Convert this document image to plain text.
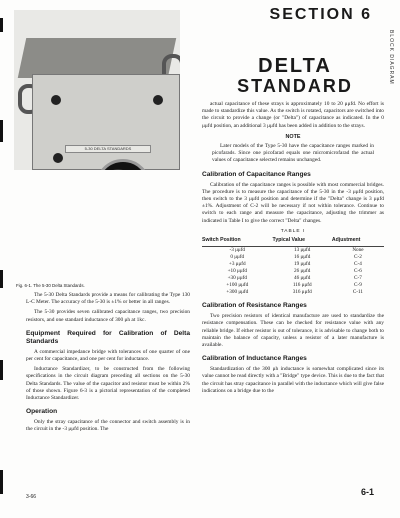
SECTION 6
BLOCK DIAGRAM
5-30 DELTA STANDARDS
DELTA
STANDARD
Fig. 6-1. The 5-30 Delta Standards.

The 5-30 Delta Standards provide a means for calibrating the Type 130 L-C Meter. The accuracy of the 5-30 is ±1% or better in all ranges.

The 5-30 provides seven calibrated capacitance ranges, two precision resistors, and one standard inductance of 300 μh at 1kc.

Equipment Required for Calibration of Delta Standards

A commercial impedance bridge with tolerances of one quarter of one per cent for capacitance, and one per cent for inductance.

Inductance Standardizer, to be constructed from the following specifications in the circuit diagram preceding all sections on the 5-30 Delta Standards. The value of the capacitor and resistor must be within 2% of those shown. Figure 6-3 is a pictorial representation of the completed Inductance Standardizer.

Operation

Only the stray capacitance of the connector and switch assembly is in the circuit in the -3 μμfd position. The

actual capacitance of these strays is approximately 10 to 20 μμfd. No effort is made to standardize this value. As the switch is rotated, capacitors are switched into the circuit to provide a change (or "Delta") of capacitance as indicated. In the 0 μμfd position, an additional 3 μμfd has been added in addition to the strays.

NOTE

Later models of the Type 5-30 have the capacitance ranges marked in picofarads. Since one picofarad equals one micromicrofarad the actual values of capacitance selected remains unchanged.

Calibration of Capacitance Ranges

Calibration of the capacitance ranges is possible with most commercial bridges. The procedure is to measure the capacitance of the 5-30 in the -3 μμfd position, then switch to the 3 μμfd position and determine if the "Delta" change is 3 μμfd ±1%. Adjustment of C-2 will be necessary if not within tolerance. Continue to switch to each range and measure the capacitance, adjusting the trimmer as indicated in Table I to give the correct "Delta" changes.

TABLE I
Switch Position	Typical Value	Adjustment
-3 μμfd	13 μμfd	None
0 μμfd	16 μμfd	C-2
+3 μμfd	19 μμfd	C-4
+10 μμfd	26 μμfd	C-6
+30 μμfd	46 μμfd	C-7
+100 μμfd	116 μμfd	C-9
+300 μμfd	316 μμfd	C-11
Calibration of Resistance Ranges

Two precision resistors of identical manufacture are used to standardize the resistance compensation. These can be checked for resistance value with any reliable bridge. If either resistor is out of tolerance, it is advisable to change both to maintain the balance of capacity, unless a resistor of a later manufacture is available.

Calibration of Inductance Ranges

Standardization of the 300 μh inductance is somewhat complicated since its value cannot be read directly with a "Bridge" type device. This is due to the fact that the circuit has stray capacitance in parallel with the inductance which will give false indications on a bridge due to the

3-66	6-1
